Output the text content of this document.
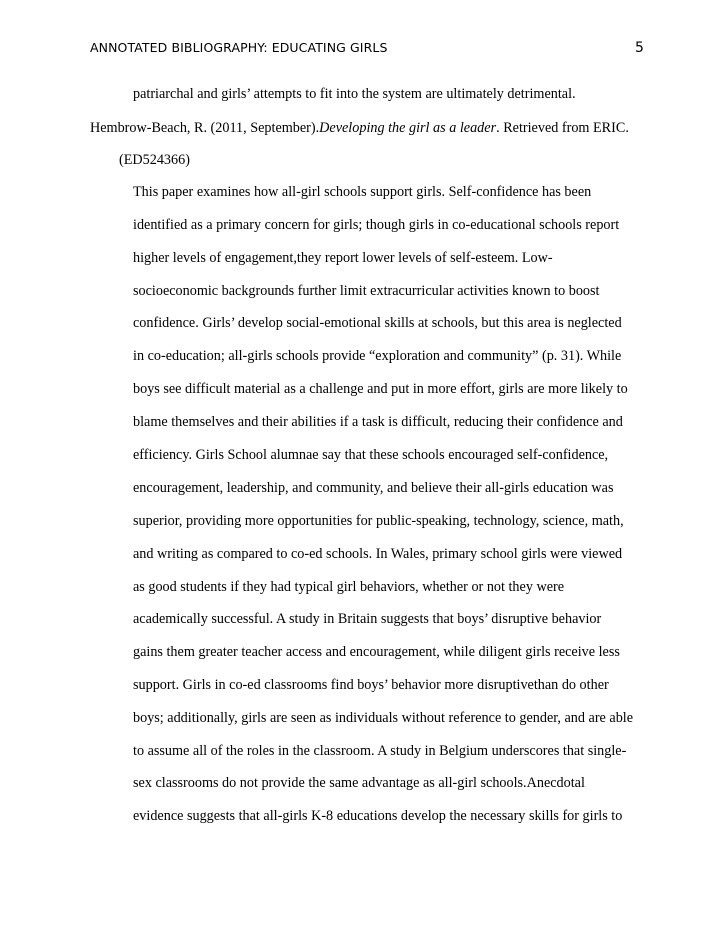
ANNOTATED BIBLIOGRAPHY: EDUCATING GIRLS	5
patriarchal and girls’ attempts to fit into the system are ultimately detrimental.
Hembrow-Beach, R. (2011, September).Developing the girl as a leader. Retrieved from ERIC.
(ED524366)
This paper examines how all-girl schools support girls. Self-confidence has been
identified as a primary concern for girls; though girls in co-educational schools report
higher levels of engagement,they report lower levels of self-esteem. Low-
socioeconomic backgrounds further limit extracurricular activities known to boost
confidence. Girls’ develop social-emotional skills at schools, but this area is neglected
in co-education; all-girls schools provide “exploration and community” (p. 31). While
boys see difficult material as a challenge and put in more effort, girls are more likely to
blame themselves and their abilities if a task is difficult, reducing their confidence and
efficiency. Girls School alumnae say that these schools encouraged self-confidence,
encouragement, leadership, and community, and believe their all-girls education was
superior, providing more opportunities for public-speaking, technology, science, math,
and writing as compared to co-ed schools. In Wales, primary school girls were viewed
as good students if they had typical girl behaviors, whether or not they were
academically successful. A study in Britain suggests that boys’ disruptive behavior
gains them greater teacher access and encouragement, while diligent girls receive less
support. Girls in co-ed classrooms find boys’ behavior more disruptivethan do other
boys; additionally, girls are seen as individuals without reference to gender, and are able
to assume all of the roles in the classroom. A study in Belgium underscores that single-
sex classrooms do not provide the same advantage as all-girl schools.Anecdotal
evidence suggests that all-girls K-8 educations develop the necessary skills for girls to
